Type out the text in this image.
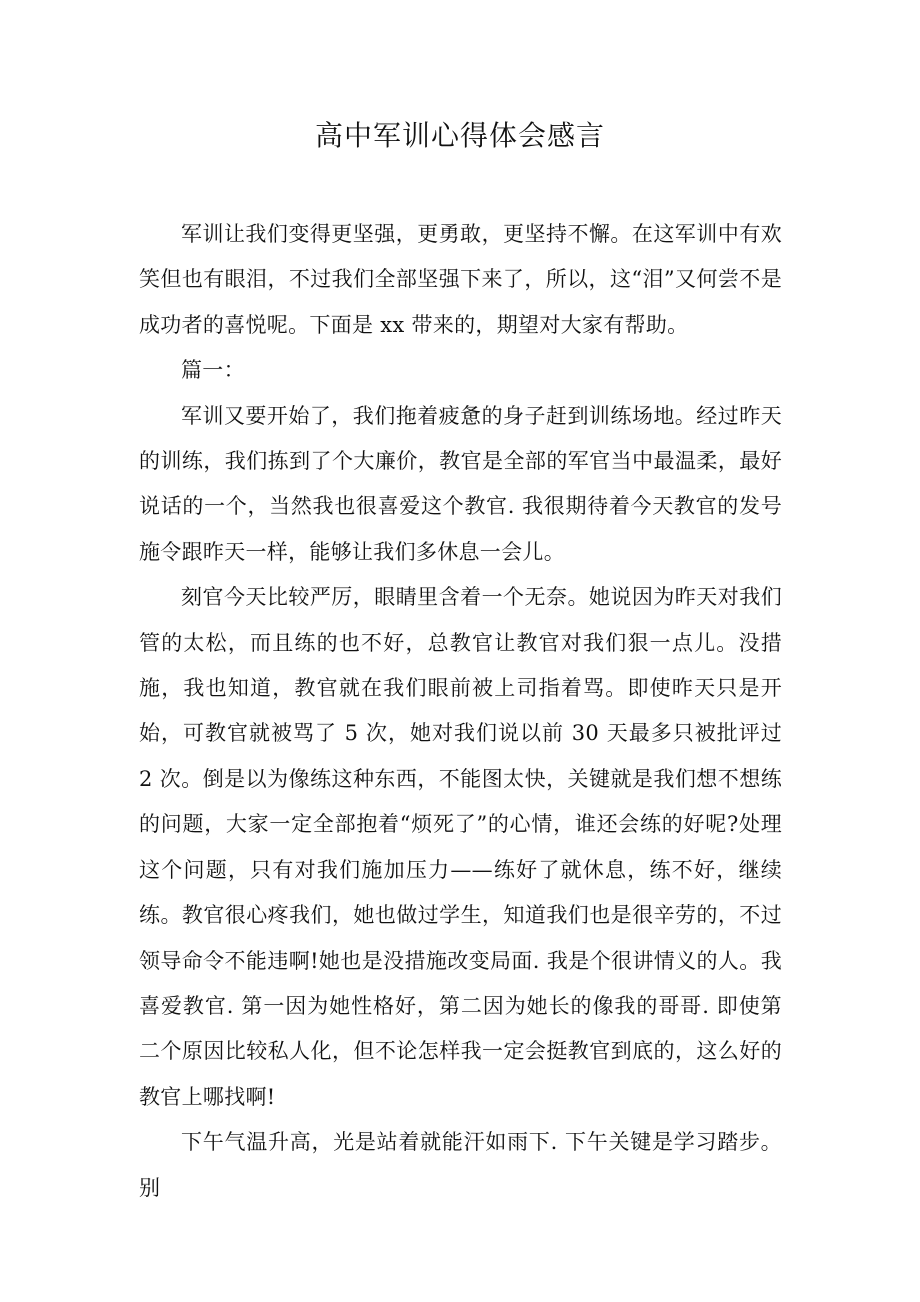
高中军训心得体会感言

军训让我们变得更坚强，更勇敢，更坚持不懈。在这军训中有欢笑但也有眼泪，不过我们全部坚强下来了，所以，这“泪”又何尝不是成功者的喜悦呢。下面是 xx 带来的，期望对大家有帮助。

篇一：

军训又要开始了，我们拖着疲惫的身子赶到训练场地。经过昨天的训练，我们拣到了个大廉价，教官是全部的军官当中最温柔，最好说话的一个，当然我也很喜爱这个教官. 我很期待着今天教官的发号施令跟昨天一样，能够让我们多休息一会儿。

刻官今天比较严厉，眼睛里含着一个无奈。她说因为昨天对我们管的太松，而且练的也不好，总教官让教官对我们狠一点儿。没措施，我也知道，教官就在我们眼前被上司指着骂。即使昨天只是开始，可教官就被骂了 5 次，她对我们说以前 30 天最多只被批评过 2 次。倒是以为像练这种东西，不能图太快，关键就是我们想不想练的问题，大家一定全部抱着“烦死了”的心情，谁还会练的好呢?处理这个问题，只有对我们施加压力——练好了就休息，练不好，继续练。教官很心疼我们，她也做过学生，知道我们也是很辛劳的，不过领导命令不能违啊!她也是没措施改变局面. 我是个很讲情义的人。我喜爱教官. 第一因为她性格好，第二因为她长的像我的哥哥. 即使第二个原因比较私人化，但不论怎样我一定会挺教官到底的，这么好的教官上哪找啊!

下午气温升高，光是站着就能汗如雨下. 下午关键是学习踏步。别
